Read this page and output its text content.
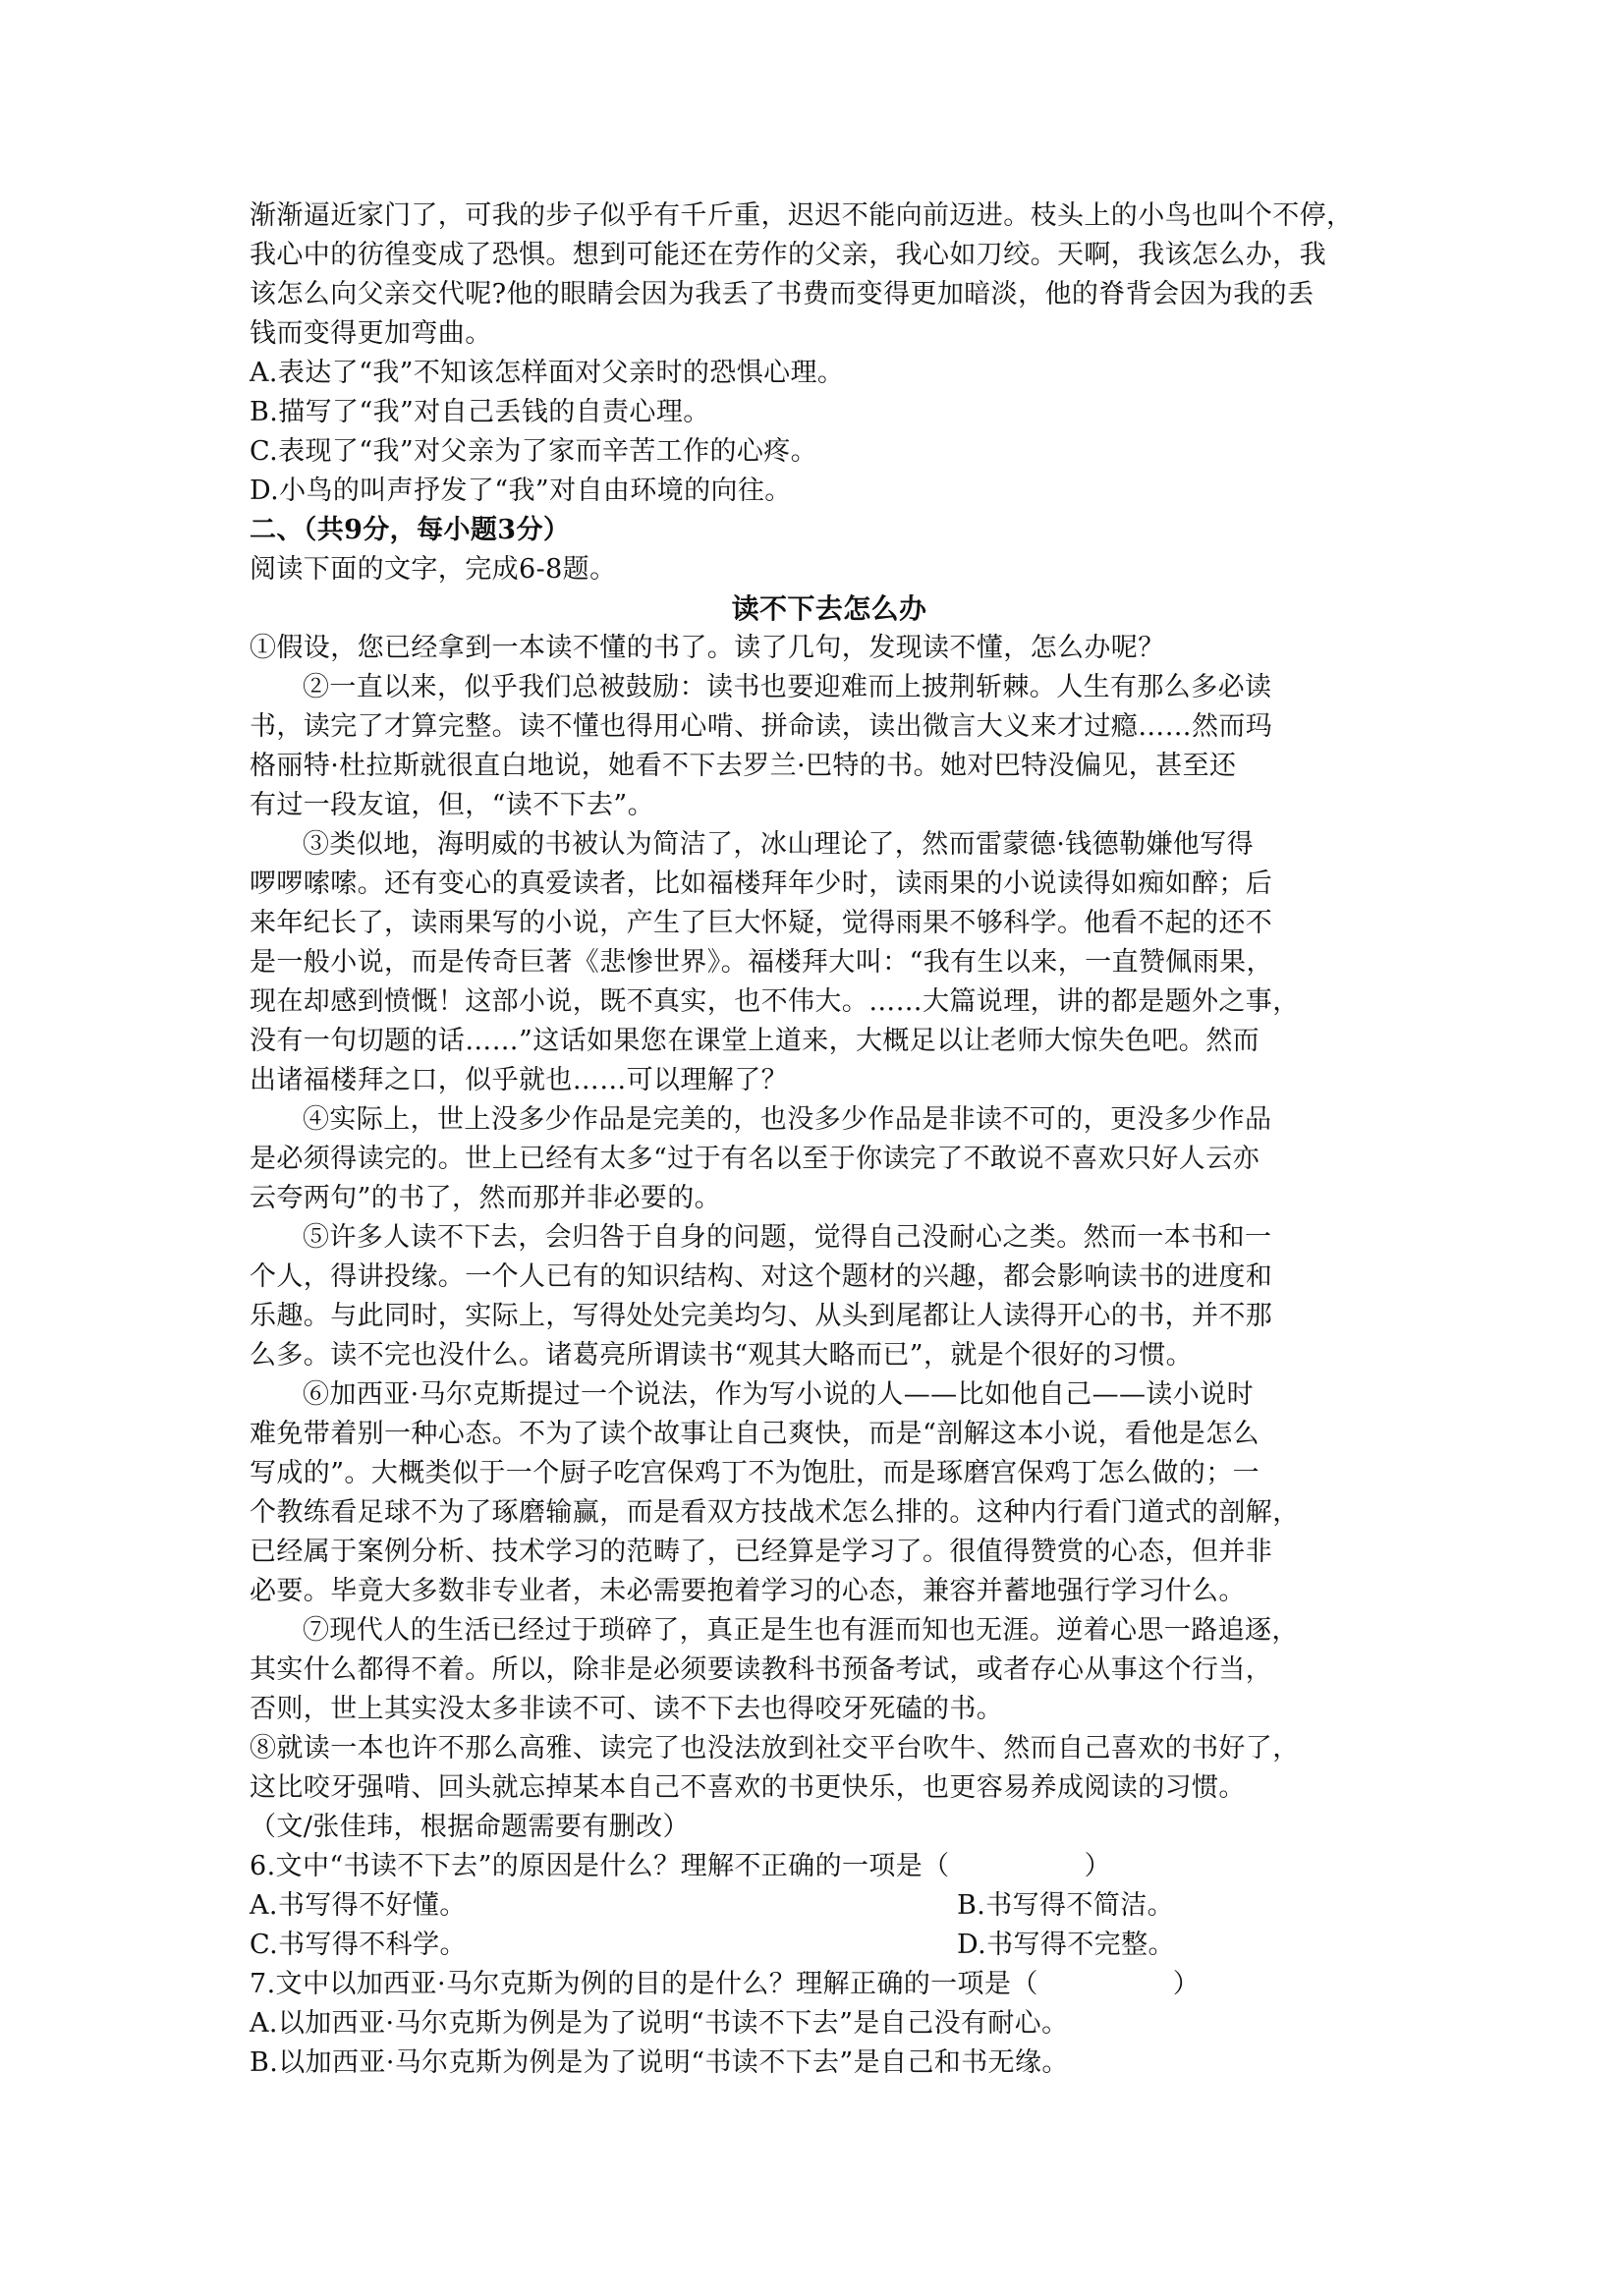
渐渐逼近家门了，可我的步子似乎有千斤重，迟迟不能向前迈进。枝头上的小鸟也叫个不停，
我心中的彷徨变成了恐惧。想到可能还在劳作的父亲，我心如刀绞。天啊，我该怎么办，我
该怎么向父亲交代呢?他的眼睛会因为我丢了书费而变得更加暗淡，他的脊背会因为我的丢
钱而变得更加弯曲。
A.表达了“我”不知该怎样面对父亲时的恐惧心理。
B.描写了“我”对自己丢钱的自责心理。
C.表现了“我”对父亲为了家而辛苦工作的心疼。
D.小鸟的叫声抒发了“我”对自由环境的向往。
二、（共9分，每小题3分）
阅读下面的文字，完成6-8题。
读不下去怎么办
①假设，您已经拿到一本读不懂的书了。读了几句，发现读不懂，怎么办呢？
②一直以来，似乎我们总被鼓励：读书也要迎难而上披荆斩棘。人生有那么多必读
书，读完了才算完整。读不懂也得用心啃、拼命读，读出微言大义来才过瘾……然而玛
格丽特·杜拉斯就很直白地说，她看不下去罗兰·巴特的书。她对巴特没偏见，甚至还
有过一段友谊，但，“读不下去”。
③类似地，海明威的书被认为简洁了，冰山理论了，然而雷蒙德·钱德勒嫌他写得
啰啰嗦嗦。还有变心的真爱读者，比如福楼拜年少时，读雨果的小说读得如痴如醉；后
来年纪长了，读雨果写的小说，产生了巨大怀疑，觉得雨果不够科学。他看不起的还不
是一般小说，而是传奇巨著《悲惨世界》。福楼拜大叫：“我有生以来，一直赞佩雨果，
现在却感到愤慨！这部小说，既不真实，也不伟大。……大篇说理，讲的都是题外之事，
没有一句切题的话……”这话如果您在课堂上道来，大概足以让老师大惊失色吧。然而
出诸福楼拜之口，似乎就也……可以理解了？
④实际上，世上没多少作品是完美的，也没多少作品是非读不可的，更没多少作品
是必须得读完的。世上已经有太多“过于有名以至于你读完了不敢说不喜欢只好人云亦
云夸两句”的书了，然而那并非必要的。
⑤许多人读不下去，会归咎于自身的问题，觉得自己没耐心之类。然而一本书和一
个人，得讲投缘。一个人已有的知识结构、对这个题材的兴趣，都会影响读书的进度和
乐趣。与此同时，实际上，写得处处完美均匀、从头到尾都让人读得开心的书，并不那
么多。读不完也没什么。诸葛亮所谓读书“观其大略而已”，就是个很好的习惯。
⑥加西亚·马尔克斯提过一个说法，作为写小说的人——比如他自己——读小说时
难免带着别一种心态。不为了读个故事让自己爽快，而是“剖解这本小说，看他是怎么
写成的”。大概类似于一个厨子吃宫保鸡丁不为饱肚，而是琢磨宫保鸡丁怎么做的；一
个教练看足球不为了琢磨输赢，而是看双方技战术怎么排的。这种内行看门道式的剖解，
已经属于案例分析、技术学习的范畴了，已经算是学习了。很值得赞赏的心态，但并非
必要。毕竟大多数非专业者，未必需要抱着学习的心态，兼容并蓄地强行学习什么。
⑦现代人的生活已经过于琐碎了，真正是生也有涯而知也无涯。逆着心思一路追逐，
其实什么都得不着。所以，除非是必须要读教科书预备考试，或者存心从事这个行当，
否则，世上其实没太多非读不可、读不下去也得咬牙死磕的书。
⑧就读一本也许不那么高雅、读完了也没法放到社交平台吹牛、然而自己喜欢的书好了，
这比咬牙强啃、回头就忘掉某本自己不喜欢的书更快乐，也更容易养成阅读的习惯。
（文/张佳玮，根据命题需要有删改）
6.文中“书读不下去”的原因是什么？理解不正确的一项是（　　　　　）
A.书写得不好懂。	B.书写得不简洁。
C.书写得不科学。	D.书写得不完整。
7.文中以加西亚·马尔克斯为例的目的是什么？理解正确的一项是（　　　　　）
A.以加西亚·马尔克斯为例是为了说明“书读不下去”是自己没有耐心。
B.以加西亚·马尔克斯为例是为了说明“书读不下去”是自己和书无缘。
